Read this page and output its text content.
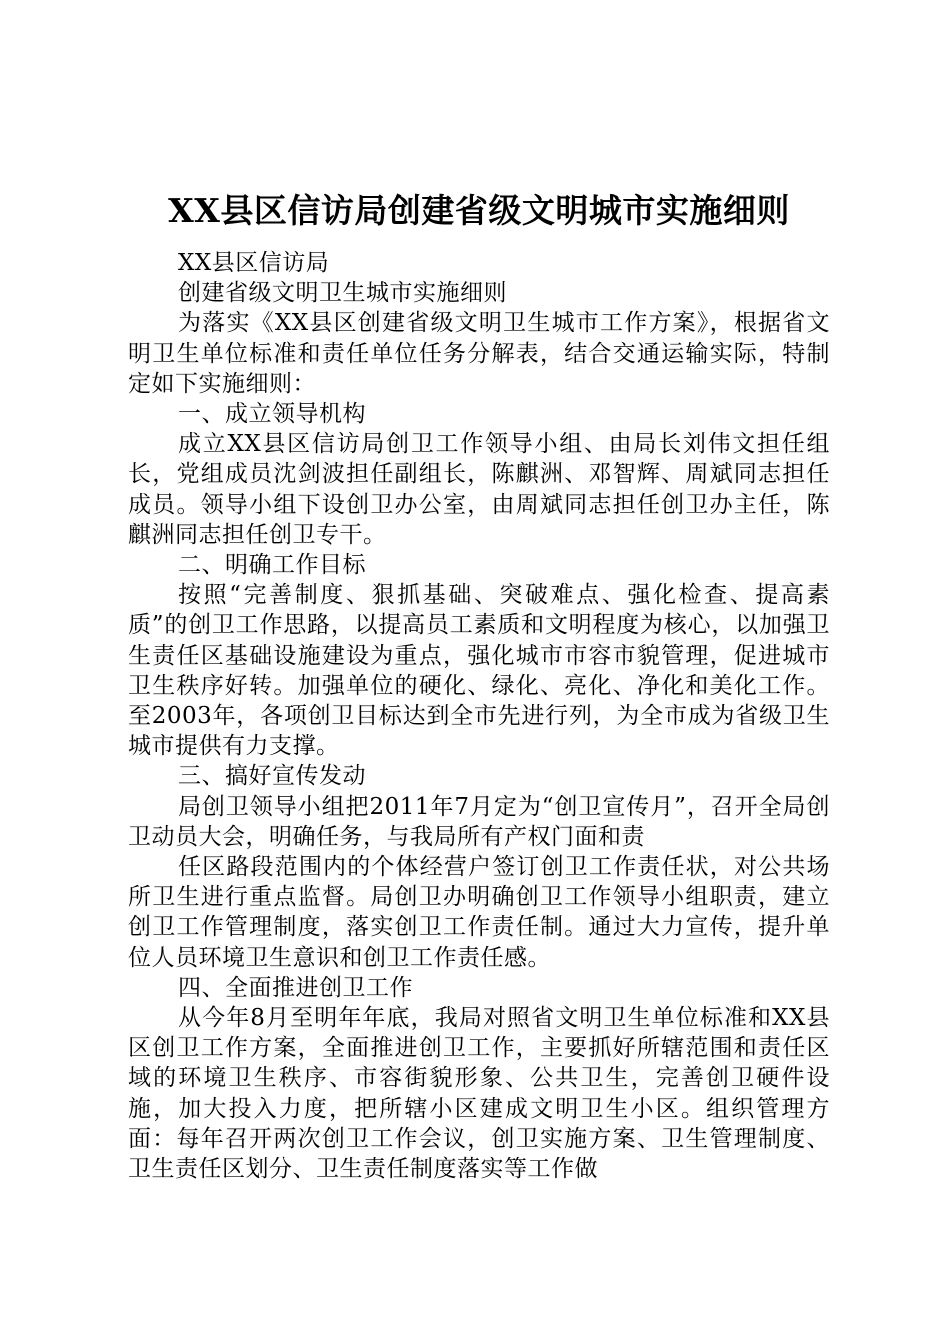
XX县区信访局创建省级文明城市实施细则

XX县区信访局

创建省级文明卫生城市实施细则

为落实《XX县区创建省级文明卫生城市工作方案》，根据省文明卫生单位标准和责任单位任务分解表，结合交通运输实际，特制定如下实施细则：

一、成立领导机构

成立XX县区信访局创卫工作领导小组、由局长刘伟文担任组长，党组成员沈剑波担任副组长，陈麒洲、邓智辉、周斌同志担任成员。领导小组下设创卫办公室，由周斌同志担任创卫办主任，陈麒洲同志担任创卫专干。

二、明确工作目标

按照“完善制度、狠抓基础、突破难点、强化检查、提高素质”的创卫工作思路，以提高员工素质和文明程度为核心，以加强卫生责任区基础设施建设为重点，强化城市市容市貌管理，促进城市卫生秩序好转。加强单位的硬化、绿化、亮化、净化和美化工作。至2003年，各项创卫目标达到全市先进行列，为全市成为省级卫生城市提供有力支撑。

三、搞好宣传发动

局创卫领导小组把2011年7月定为“创卫宣传月”，召开全局创卫动员大会，明确任务，与我局所有产权门面和责

任区路段范围内的个体经营户签订创卫工作责任状，对公共场所卫生进行重点监督。局创卫办明确创卫工作领导小组职责，建立创卫工作管理制度，落实创卫工作责任制。通过大力宣传，提升单位人员环境卫生意识和创卫工作责任感。

四、全面推进创卫工作

从今年8月至明年年底，我局对照省文明卫生单位标准和XX县区创卫工作方案，全面推进创卫工作，主要抓好所辖范围和责任区域的环境卫生秩序、市容街貌形象、公共卫生，完善创卫硬件设施，加大投入力度，把所辖小区建成文明卫生小区。组织管理方面：每年召开两次创卫工作会议，创卫实施方案、卫生管理制度、卫生责任区划分、卫生责任制度落实等工作做
